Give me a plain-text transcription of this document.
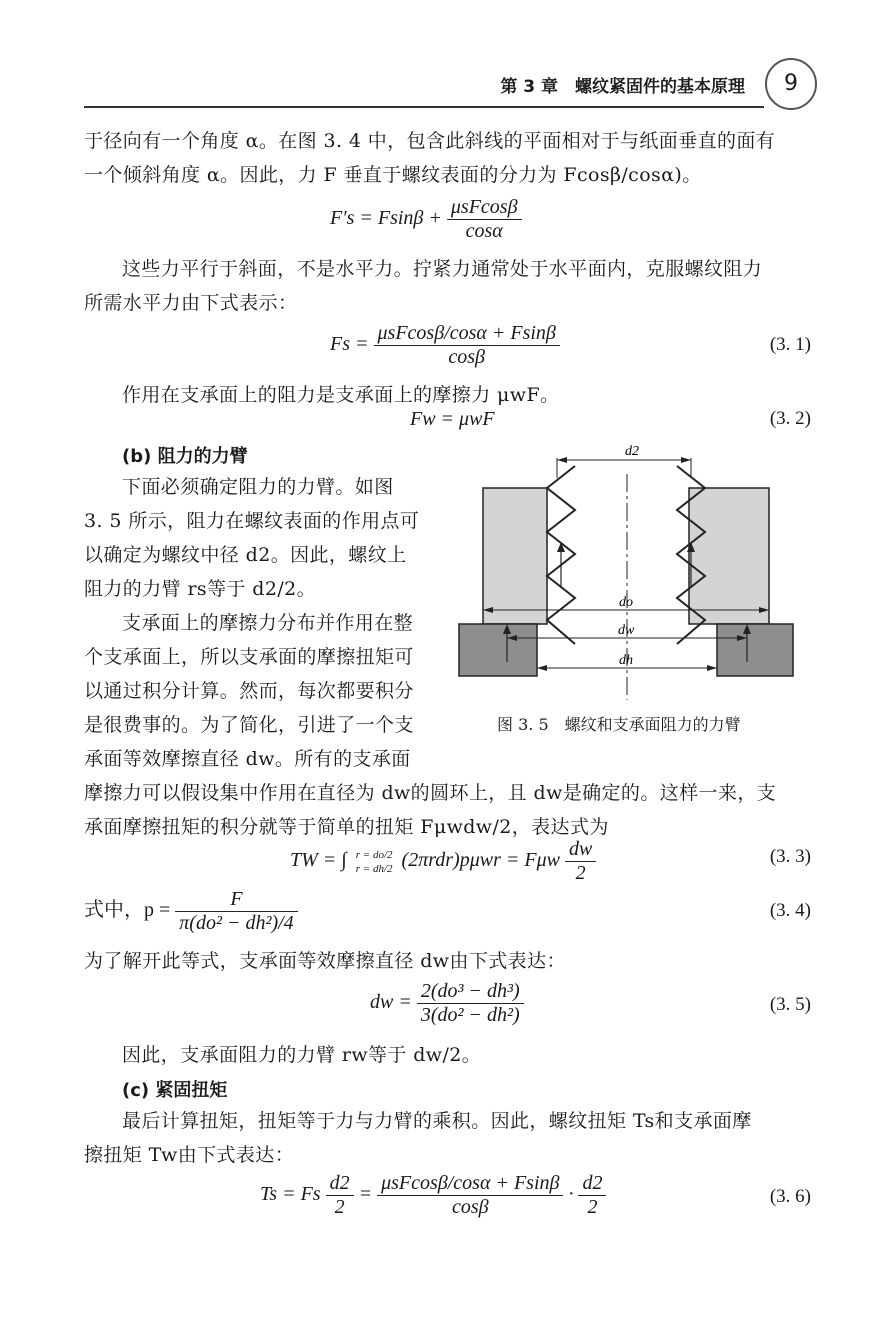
第 3 章　螺纹紧固件的基本原理	9
于径向有一个角度 α。在图 3. 4 中，包含此斜线的平面相对于与纸面垂直的面有
一个倾斜角度 α。因此，力 F 垂直于螺纹表面的分力为 Fcosβ/cosα)。
$F's = Fsin\beta + \frac{\text{μsFcosβ}}{\cos\alpha}$
这些力平行于斜面，不是水平力。拧紧力通常处于水平面内，克服螺纹阻力
所需水平力由下式表示：
$Fs = \frac{\text{μsFcosβ/cosα + Fsinβ}}{\cos\beta}$	(3. 1)
作用在支承面上的阻力是支承面上的摩擦力 μwF。
Fw = μwF	(3. 2)
(b) 阻力的力臂
下面必须确定阻力的力臂。如图
3. 5 所示，阻力在螺纹表面的作用点可
以确定为螺纹中径 d2。因此，螺纹上
阻力的力臂 rs等于 d2/2。
支承面上的摩擦力分布并作用在整
个支承面上，所以支承面的摩擦扭矩可
以通过积分计算。然而，每次都要积分
是很费事的。为了简化，引进了一个支
承面等效摩擦直径 dw。所有的支承面
d2
do
dw
dh
图 3. 5　螺纹和支承面阻力的力臂
摩擦力可以假设集中作用在直径为 dw的圆环上，且 dw是确定的。这样一来，支
承面摩擦扭矩的积分就等于简单的扭矩 Fμwdw/2，表达式为
TW = ∫ r = do/2
r = dh/2 (2πrdr)pμwr = Fμw $\frac{dw}{2}$	(3. 3)
式中，$p = \frac{F}{\text{π(do² − dh²)/4}}$	(3. 4)
为了解开此等式，支承面等效摩擦直径 dw由下式表达：
dw = $\frac{\text{2(do³ − dh³)}}{\text{3(do² − dh²)}}$	(3. 5)
因此，支承面阻力的力臂 rw等于 dw/2。
(c) 紧固扭矩
最后计算扭矩，扭矩等于力与力臂的乘积。因此，螺纹扭矩 Ts和支承面摩
擦扭矩 Tw由下式表达：
Ts = Fs $\frac{d2}{2} = \frac{\text{μsFcosβ/cosα + Fsinβ}}{\cos\beta} \cdot \frac{d2}{2}$	(3. 6)
